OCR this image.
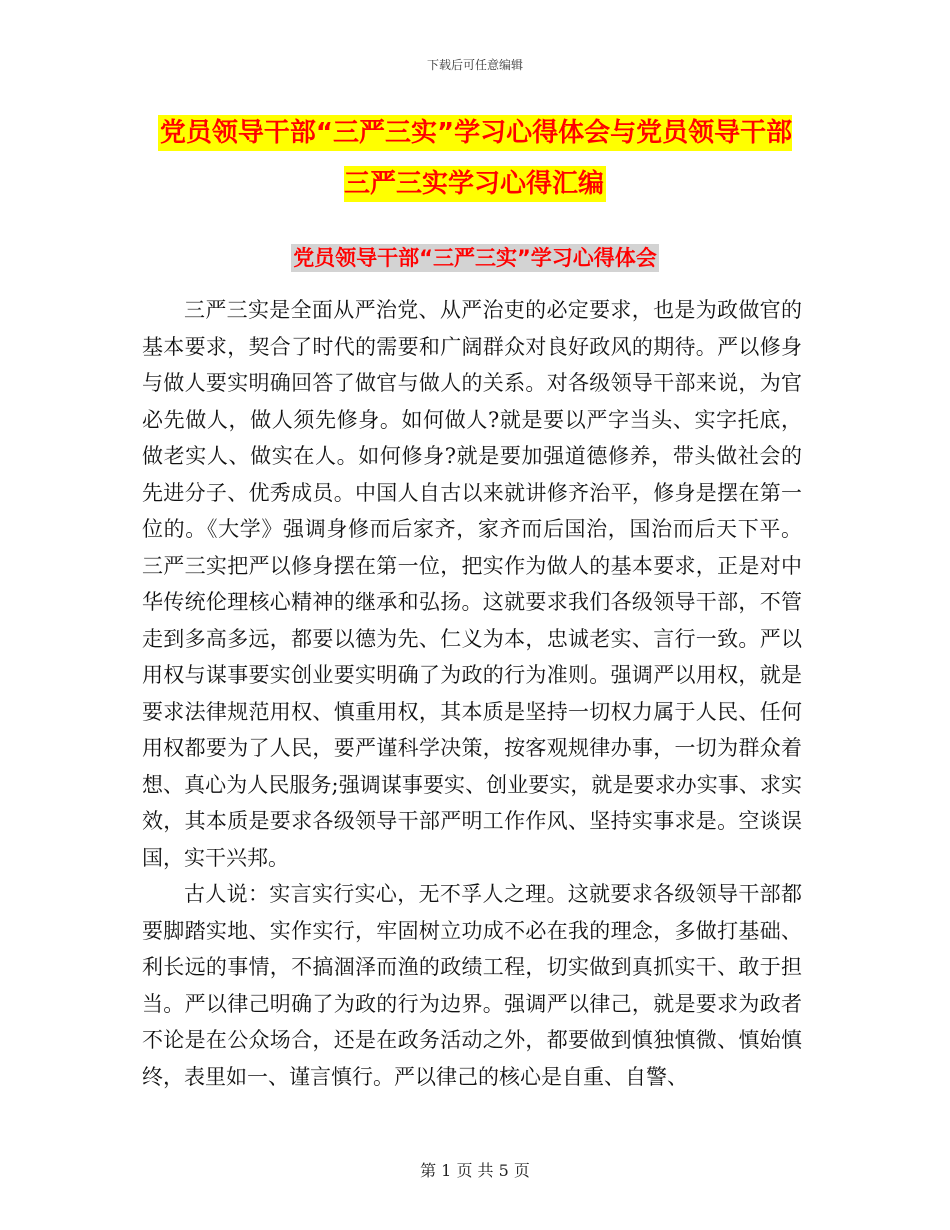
下载后可任意编辑
党员领导干部“三严三实”学习心得体会与党员领导干部三严三实学习心得汇编
党员领导干部“三严三实”学习心得体会

三严三实是全面从严治党、从严治吏的必定要求，也是为政做官的基本要求，契合了时代的需要和广阔群众对良好政风的期待。严以修身与做人要实明确回答了做官与做人的关系。对各级领导干部来说，为官必先做人，做人须先修身。如何做人?就是要以严字当头、实字托底，做老实人、做实在人。如何修身?就是要加强道德修养，带头做社会的先进分子、优秀成员。中国人自古以来就讲修齐治平，修身是摆在第一位的。《大学》强调身修而后家齐，家齐而后国治，国治而后天下平。三严三实把严以修身摆在第一位，把实作为做人的基本要求，正是对中华传统伦理核心精神的继承和弘扬。这就要求我们各级领导干部，不管走到多高多远，都要以德为先、仁义为本，忠诚老实、言行一致。严以用权与谋事要实创业要实明确了为政的行为准则。强调严以用权，就是要求法律规范用权、慎重用权，其本质是坚持一切权力属于人民、任何用权都要为了人民，要严谨科学决策，按客观规律办事，一切为群众着想、真心为人民服务;强调谋事要实、创业要实，就是要求办实事、求实效，其本质是要求各级领导干部严明工作作风、坚持实事求是。空谈误国，实干兴邦。

古人说：实言实行实心，无不孚人之理。这就要求各级领导干部都要脚踏实地、实作实行，牢固树立功成不必在我的理念，多做打基础、利长远的事情，不搞涸泽而渔的政绩工程，切实做到真抓实干、敢于担当。严以律己明确了为政的行为边界。强调严以律己，就是要求为政者不论是在公众场合，还是在政务活动之外，都要做到慎独慎微、慎始慎终，表里如一、谨言慎行。严以律己的核心是自重、自警、

第 1 页 共 5 页
